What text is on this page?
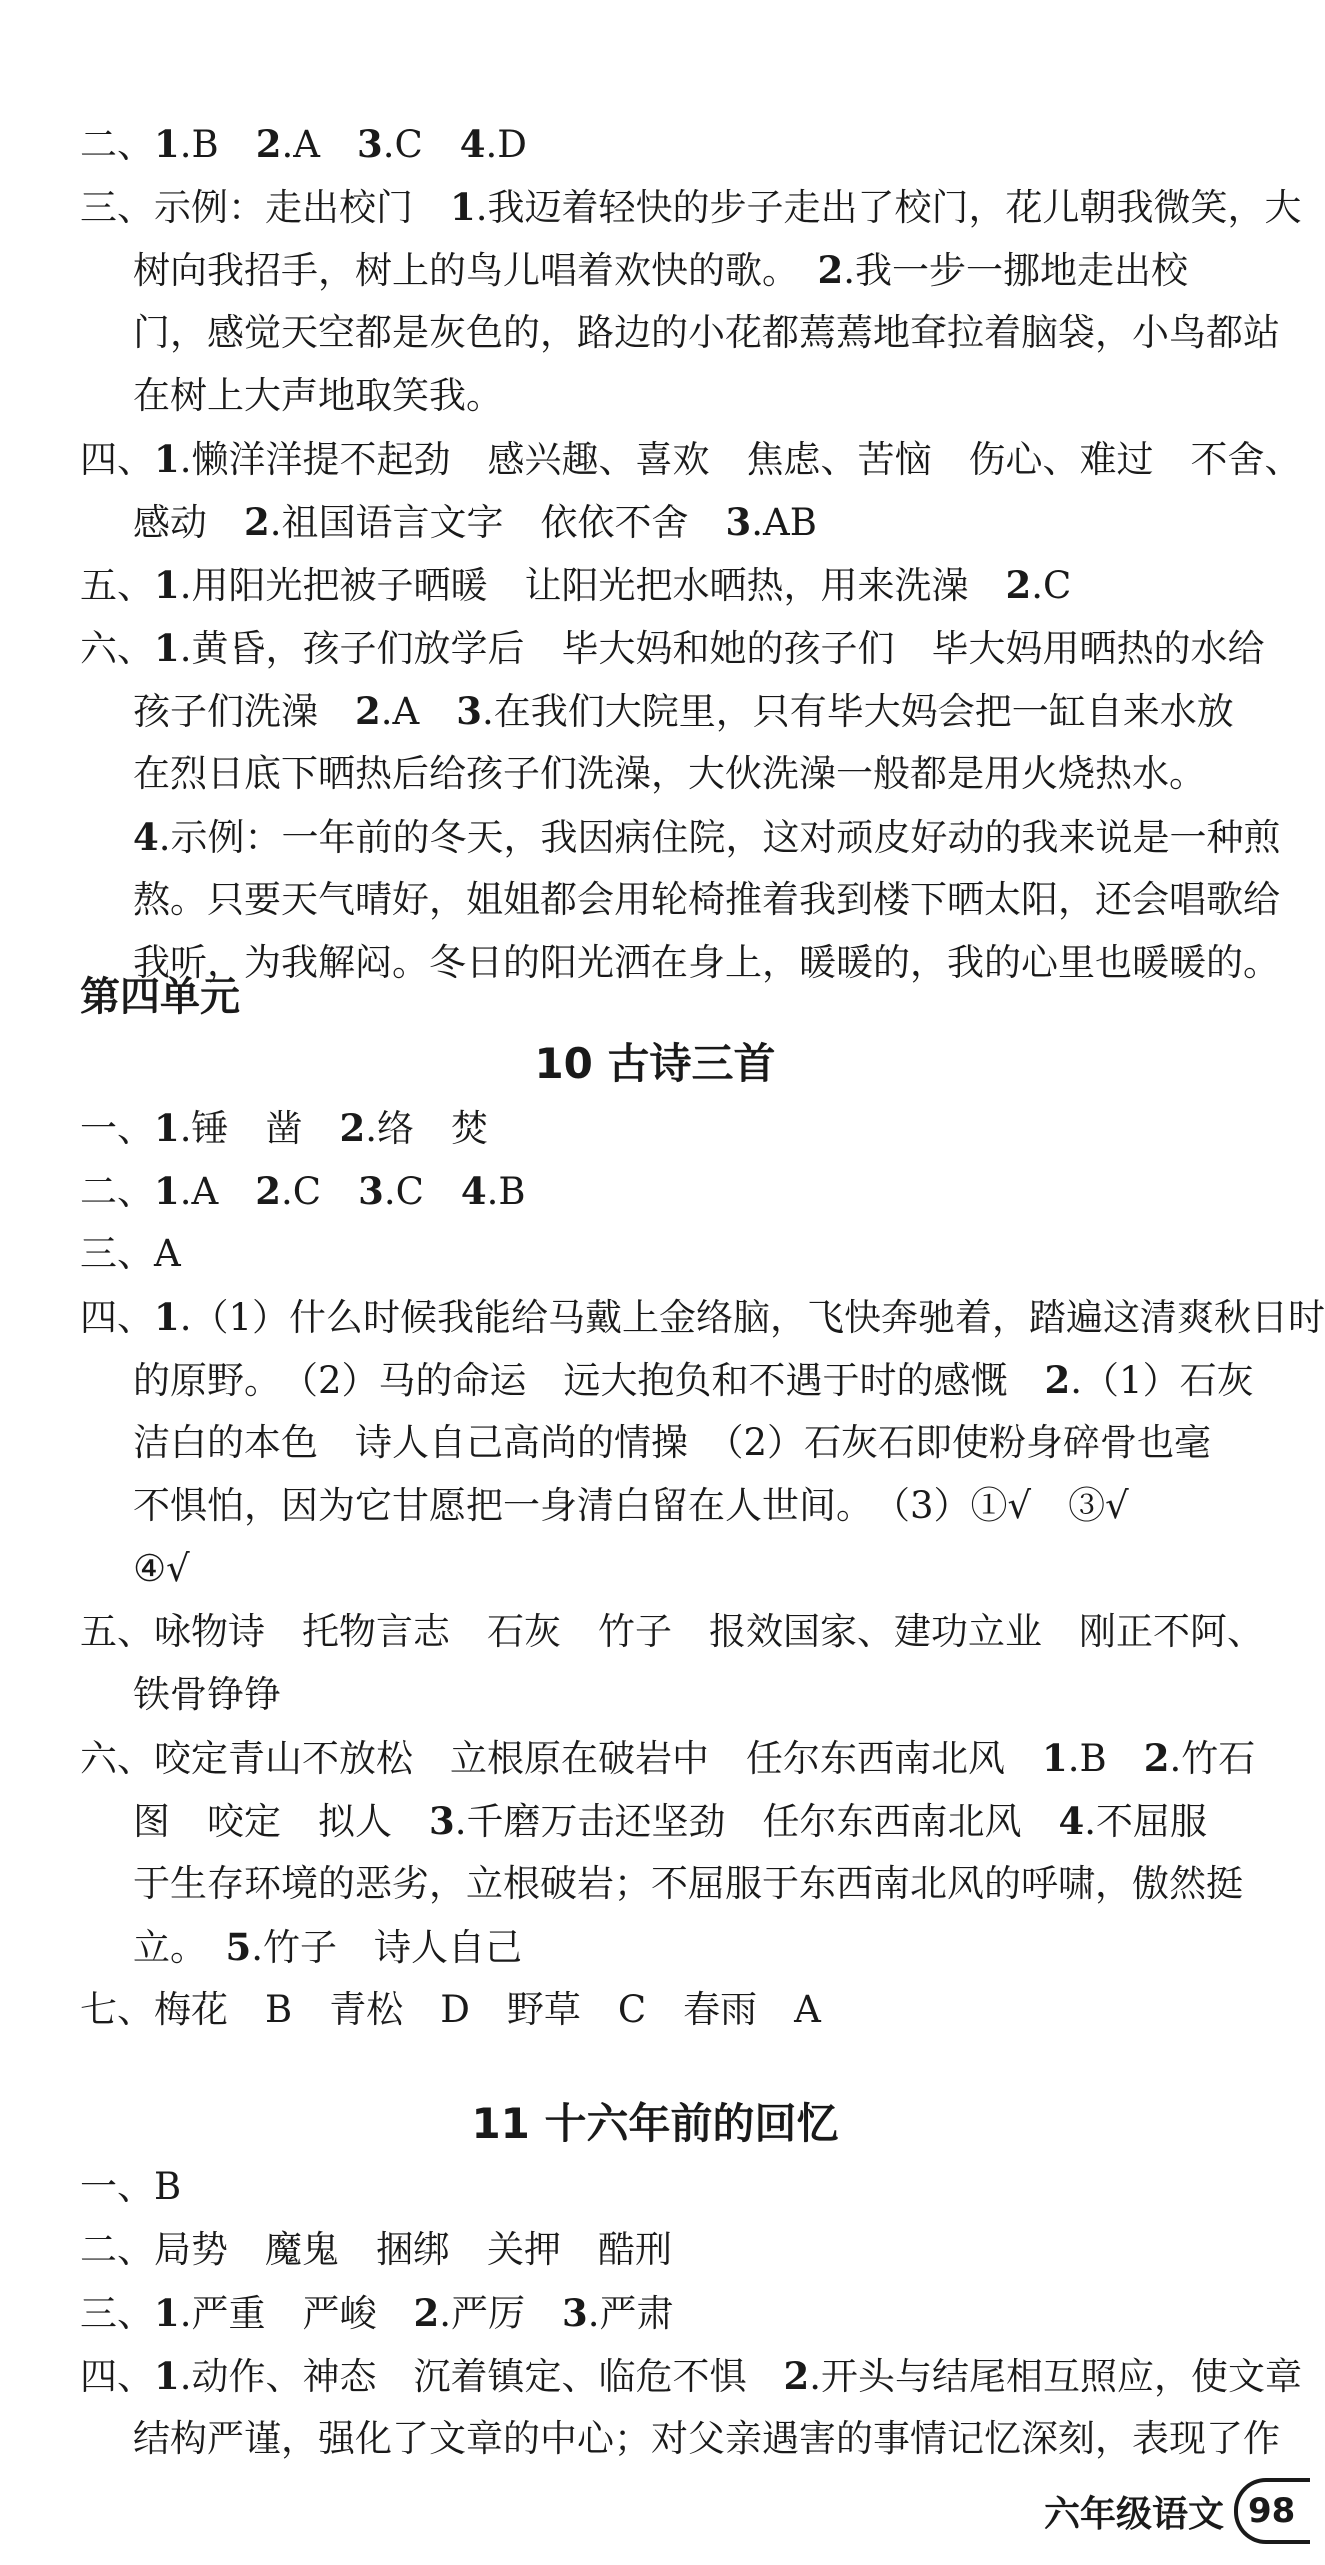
二、1.B　2.A　3.C　4.D
三、示例：走出校门　1.我迈着轻快的步子走出了校门，花儿朝我微笑，大
树向我招手，树上的鸟儿唱着欢快的歌。　2.我一步一挪地走出校
门，感觉天空都是灰色的，路边的小花都蔫蔫地耷拉着脑袋，小鸟都站
在树上大声地取笑我。
四、1.懒洋洋提不起劲　感兴趣、喜欢　焦虑、苦恼　伤心、难过　不舍、
感动　2.祖国语言文字　依依不舍　3.AB
五、1.用阳光把被子晒暖　让阳光把水晒热，用来洗澡　2.C
六、1.黄昏，孩子们放学后　毕大妈和她的孩子们　毕大妈用晒热的水给
孩子们洗澡　2.A　3.在我们大院里，只有毕大妈会把一缸自来水放
在烈日底下晒热后给孩子们洗澡，大伙洗澡一般都是用火烧热水。
4.示例：一年前的冬天，我因病住院，这对顽皮好动的我来说是一种煎
熬。只要天气晴好，姐姐都会用轮椅推着我到楼下晒太阳，还会唱歌给
我听，为我解闷。冬日的阳光洒在身上，暖暖的，我的心里也暖暖的。
第四单元
10 古诗三首
一、1.锤　凿　2.络　焚
二、1.A　2.C　3.C　4.B
三、A
四、1.（1）什么时候我能给马戴上金络脑，飞快奔驰着，踏遍这清爽秋日时
的原野。　（2）马的命运　远大抱负和不遇于时的感慨　2.（1）石灰
洁白的本色　诗人自己高尚的情操　（2）石灰石即使粉身碎骨也毫
不惧怕，因为它甘愿把一身清白留在人世间。　（3）①√　③√
④√
五、咏物诗　托物言志　石灰　竹子　报效国家、建功立业　刚正不阿、
铁骨铮铮
六、咬定青山不放松　立根原在破岩中　任尔东西南北风　1.B　2.竹石
图　咬定　拟人　3.千磨万击还坚劲　任尔东西南北风　4.不屈服
于生存环境的恶劣，立根破岩；不屈服于东西南北风的呼啸，傲然挺
立。　5.竹子　诗人自己
七、梅花　B　青松　D　野草　C　春雨　A
11 十六年前的回忆
一、B
二、局势　魔鬼　捆绑　关押　酷刑
三、1.严重　严峻　2.严厉　3.严肃
四、1.动作、神态　沉着镇定、临危不惧　2.开头与结尾相互照应，使文章
结构严谨，强化了文章的中心；对父亲遇害的事情记忆深刻，表现了作
六年级语文 98
